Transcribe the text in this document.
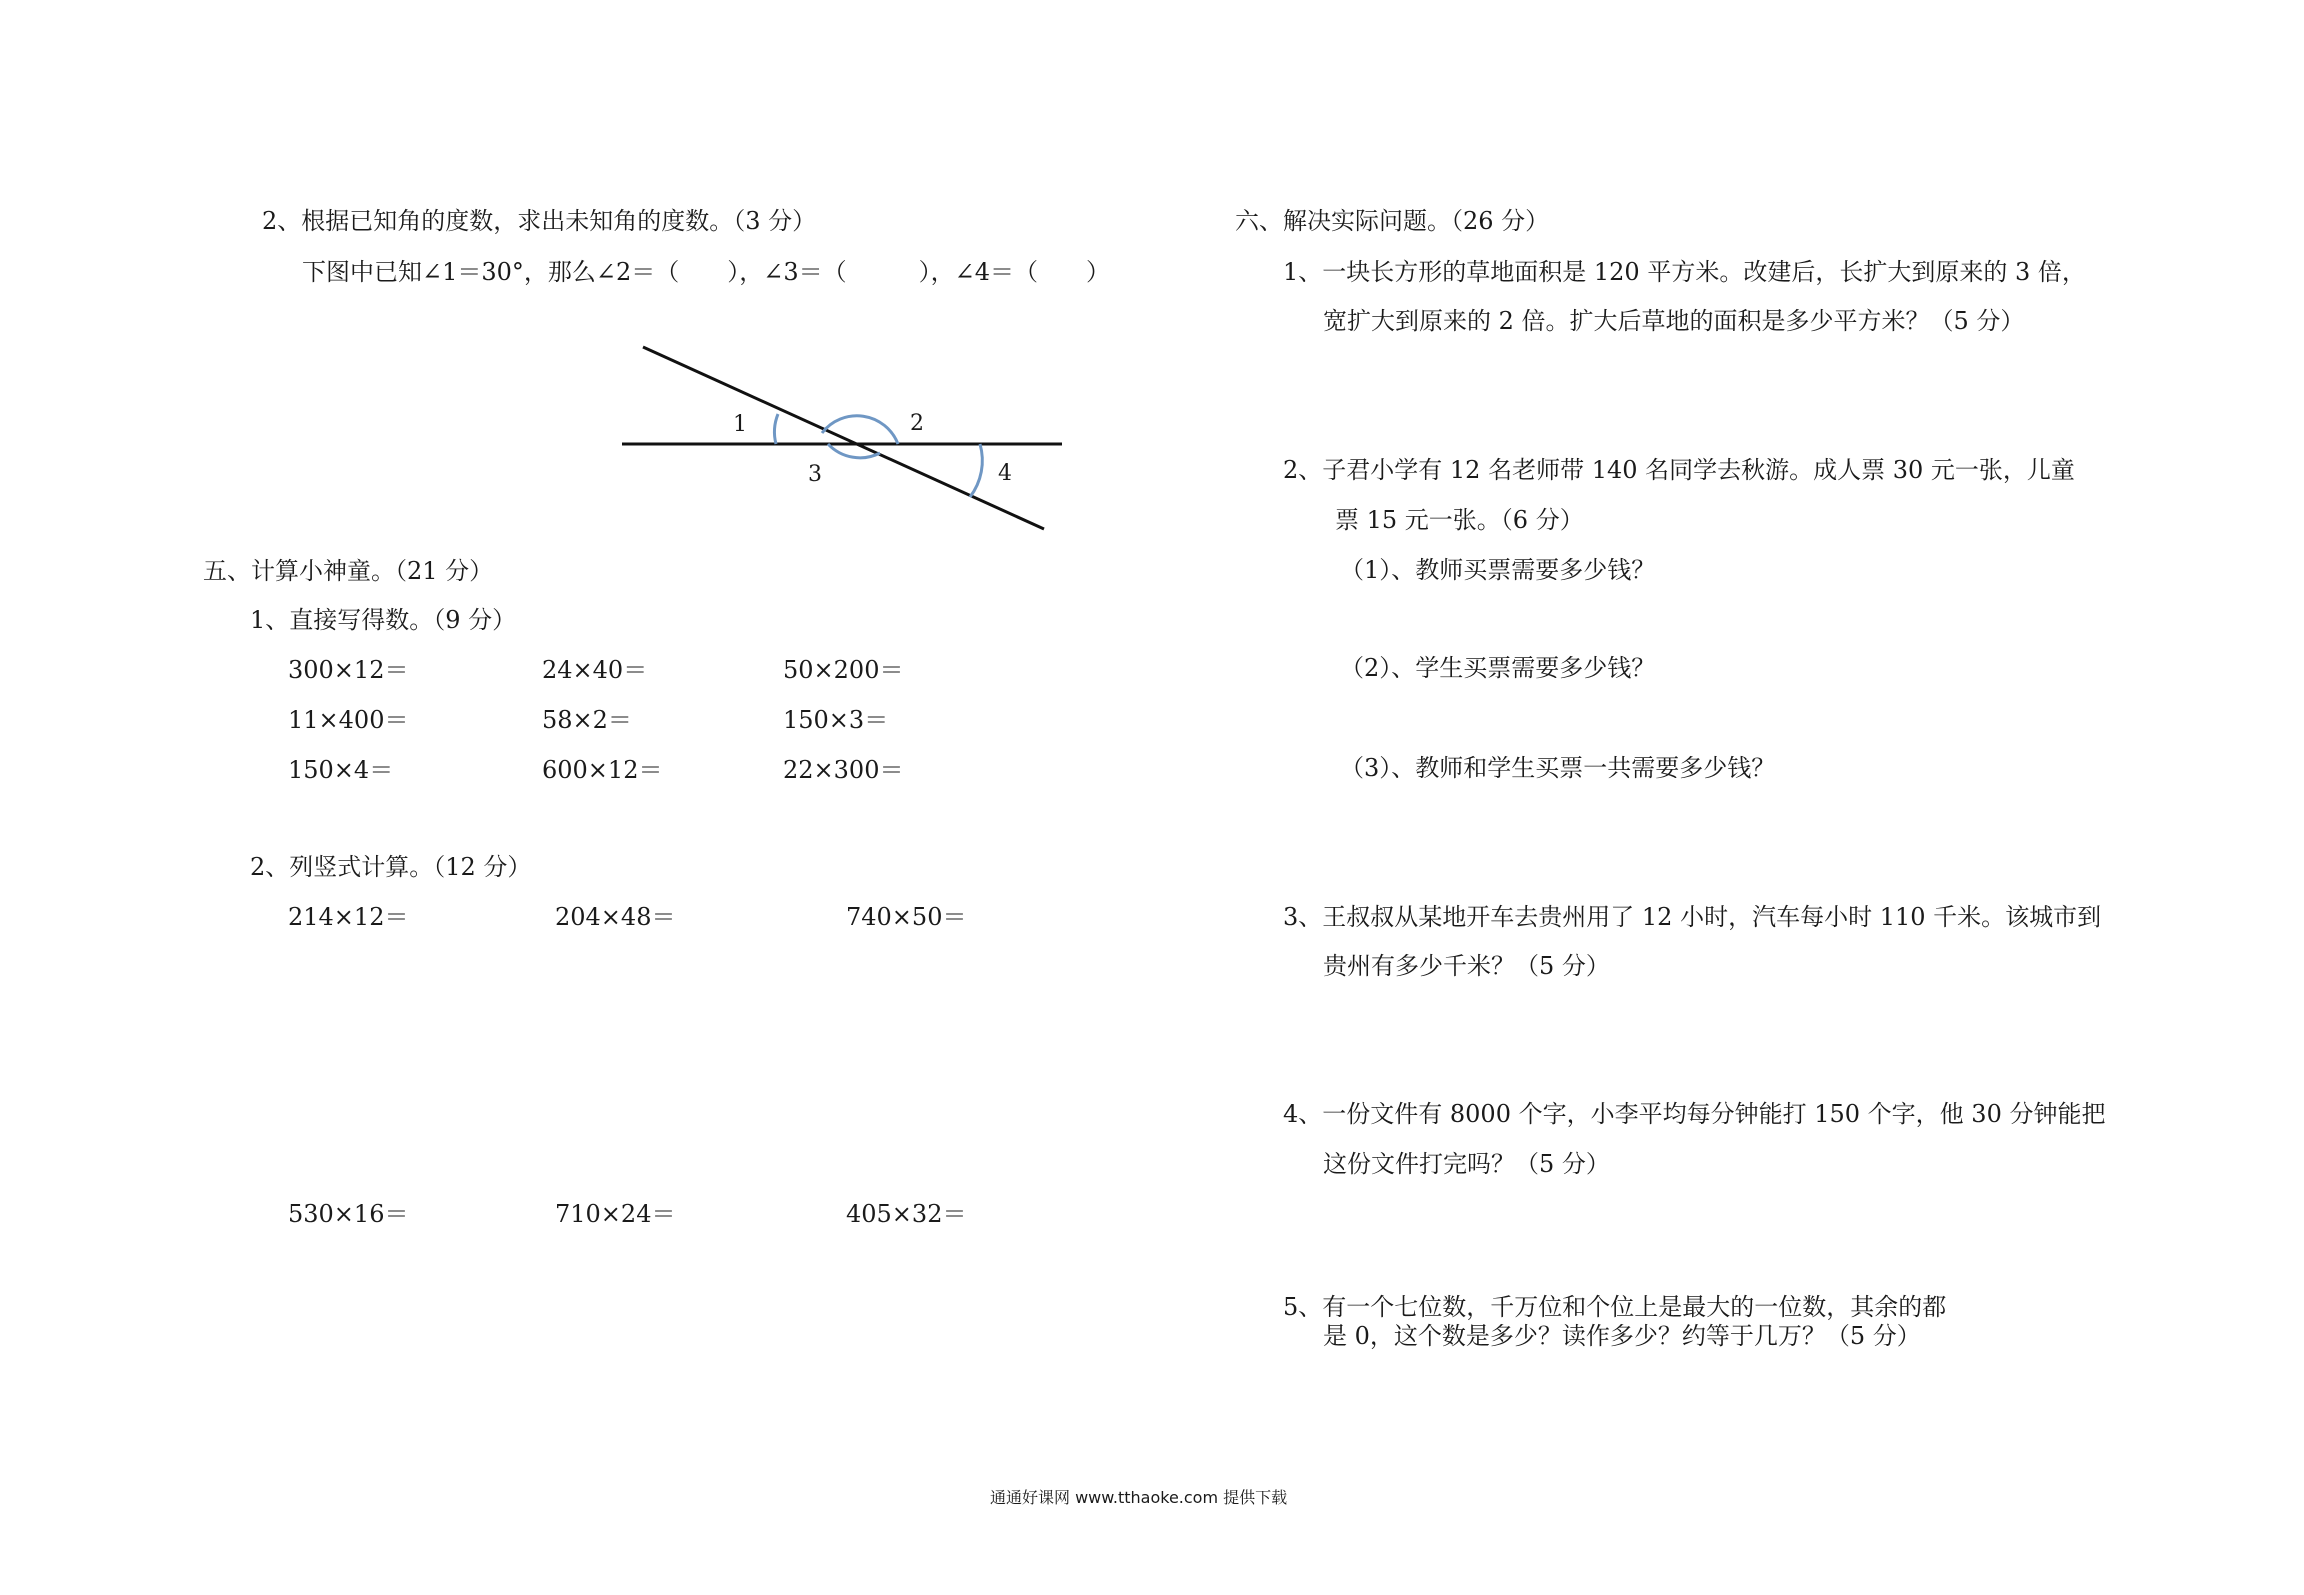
2、根据已知角的度数，求出未知角的度数。（3 分）
下图中已知∠1＝30°，那么∠2＝（　　），∠3＝（　　　），∠4＝（　　）
1	2
3	4
五、计算小神童。（21 分）
1、直接写得数。（9 分）
300×12＝	24×40＝	50×200＝
11×400＝	58×2＝	150×3＝
150×4＝	600×12＝	22×300＝
2、列竖式计算。（12 分）
214×12＝	204×48＝	740×50＝
530×16＝	710×24＝	405×32＝
六、解决实际问题。（26 分）
1、一块长方形的草地面积是 120 平方米。改建后，长扩大到原来的 3 倍，
宽扩大到原来的 2 倍。扩大后草地的面积是多少平方米？（5 分）
2、子君小学有 12 名老师带 140 名同学去秋游。成人票 30 元一张，儿童
票 15 元一张。（6 分）
（1）、教师买票需要多少钱？
（2）、学生买票需要多少钱？
（3）、教师和学生买票一共需要多少钱？
3、王叔叔从某地开车去贵州用了 12 小时，汽车每小时 110 千米。该城市到
贵州有多少千米？（5 分）
4、一份文件有 8000 个字，小李平均每分钟能打 150 个字，他 30 分钟能把
这份文件打完吗？（5 分）
5、有一个七位数，千万位和个位上是最大的一位数，其余的都
是 0，这个数是多少？读作多少？约等于几万？（5 分）
通通好课网 www.tthaoke.com 提供下载
